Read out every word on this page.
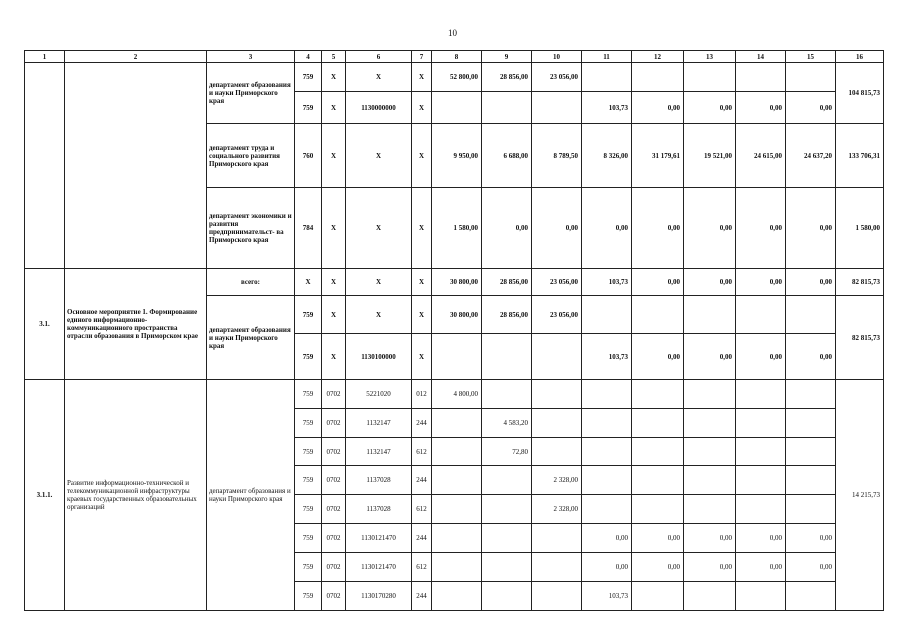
10
1	2	3	4	5	6	7	8	9	10	11	12	13	14	15	16
		департамент образования и науки Приморского края	759	X	X	X	52 800,00	28 856,00	23 056,00						104 815,73
			759	X	1130000000	X				103,73	0,00	0,00	0,00	0,00	
		департамент труда и социального развития Приморского края	760	X	X	X	9 950,00	6 688,00	8 789,50	8 326,00	31 179,61	19 521,00	24 615,00	24 637,20	133 706,31
		департамент экономики и развития предпринимательст- ва Приморского края	784	X	X	X	1 580,00	0,00	0,00	0,00	0,00	0,00	0,00	0,00	1 580,00
3.1.	Основное мероприятие 1. Формирование единого информационно-коммуникационного пространства отрасли образования в Приморском крае	всего:	X	X	X	X	30 800,00	28 856,00	23 056,00	103,73	0,00	0,00	0,00	0,00	82 815,73
		департамент образования и науки Приморского края	759	X	X	X	30 800,00	28 856,00	23 056,00						82 815,73
			759	X	1130100000	X				103,73	0,00	0,00	0,00	0,00	
3.1.1.	Развитие информационно-технической и телекоммуникационной инфраструктуры краевых государственных образовательных организаций	департамент образования и науки Приморского края	759	0702	5221020	012	4 800,00								14 215,73
			759	0702	1132147	244		4 583,20							
			759	0702	1132147	612		72,80							
			759	0702	1137028	244			2 328,00						
			759	0702	1137028	612			2 328,00						
			759	0702	1130121470	244				0,00	0,00	0,00	0,00	0,00	
			759	0702	1130121470	612				0,00	0,00	0,00	0,00	0,00	
			759	0702	1130170280	244				103,73					
